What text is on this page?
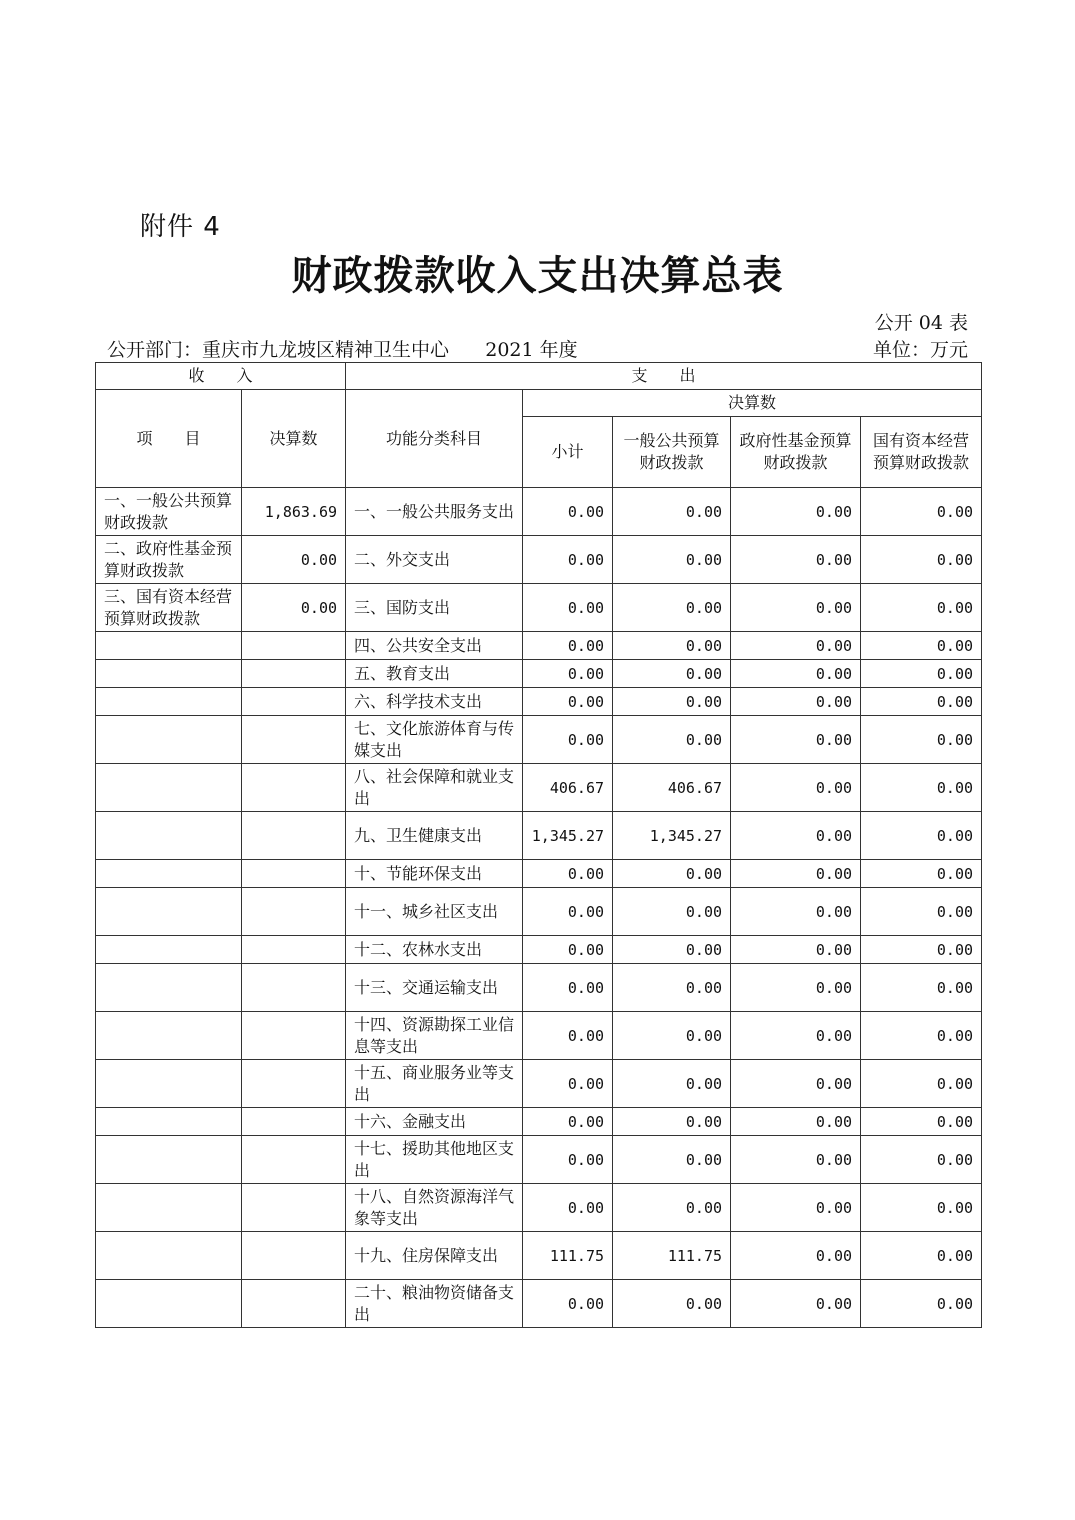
附件 4
财政拨款收入支出决算总表
公开 04 表
公开部门：重庆市九龙坡区精神卫生中心      2021 年度	单位：万元
收　　入		支　　出				
项　　目	决算数	功能分类科目	决算数			
			小计	一般公共预算财政拨款	政府性基金预算财政拨款	国有资本经营预算财政拨款
一、一般公共预算财政拨款	1,863.69	一、一般公共服务支出	0.00	0.00	0.00	0.00
二、政府性基金预算财政拨款	0.00	二、外交支出	0.00	0.00	0.00	0.00
三、国有资本经营预算财政拨款	0.00	三、国防支出	0.00	0.00	0.00	0.00
		四、公共安全支出	0.00	0.00	0.00	0.00
		五、教育支出	0.00	0.00	0.00	0.00
		六、科学技术支出	0.00	0.00	0.00	0.00
		七、文化旅游体育与传媒支出	0.00	0.00	0.00	0.00
		八、社会保障和就业支出	406.67	406.67	0.00	0.00
		九、卫生健康支出	1,345.27	1,345.27	0.00	0.00
		十、节能环保支出	0.00	0.00	0.00	0.00
		十一、城乡社区支出	0.00	0.00	0.00	0.00
		十二、农林水支出	0.00	0.00	0.00	0.00
		十三、交通运输支出	0.00	0.00	0.00	0.00
		十四、资源勘探工业信息等支出	0.00	0.00	0.00	0.00
		十五、商业服务业等支出	0.00	0.00	0.00	0.00
		十六、金融支出	0.00	0.00	0.00	0.00
		十七、援助其他地区支出	0.00	0.00	0.00	0.00
		十八、自然资源海洋气象等支出	0.00	0.00	0.00	0.00
		十九、住房保障支出	111.75	111.75	0.00	0.00
		二十、粮油物资储备支出	0.00	0.00	0.00	0.00
